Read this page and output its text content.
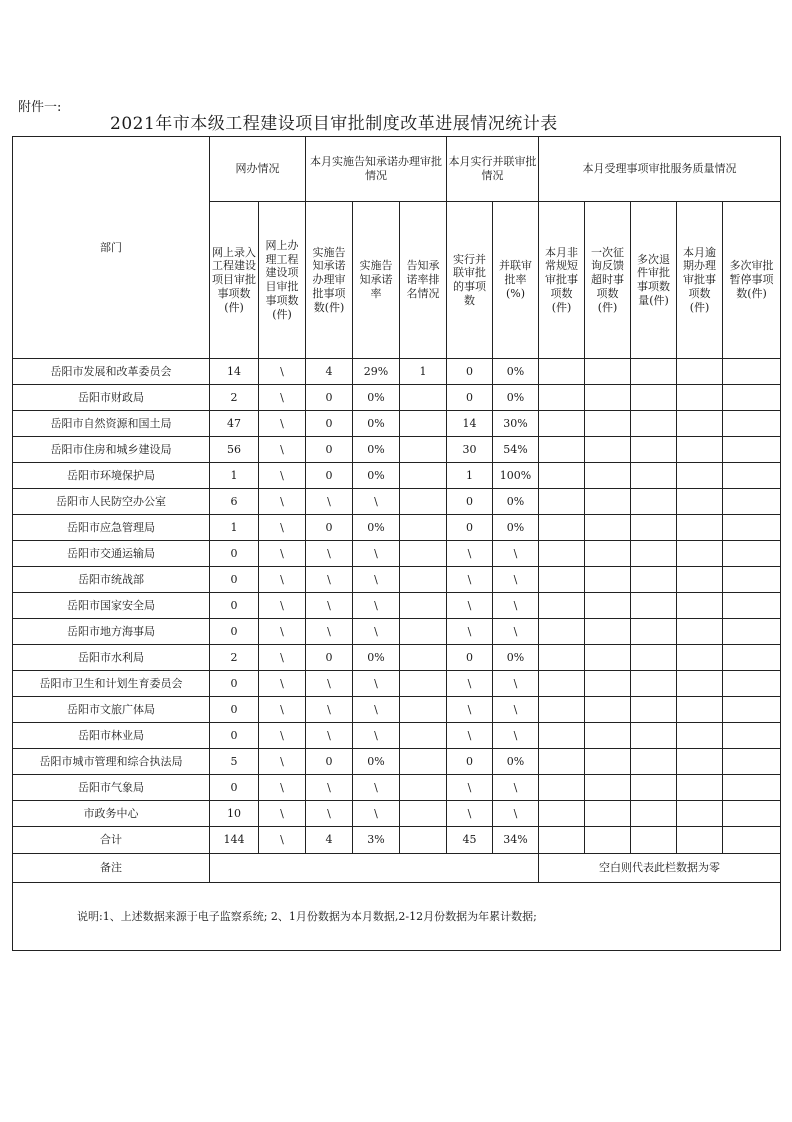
附件一:
2021年市本级工程建设项目审批制度改革进展情况统计表
部门	网办情况		本月实施告知承诺办理审批情况			本月实行并联审批情况		本月受理事项审批服务质量情况				

	网上录入工程建设项目审批事项数(件)	网上办理工程建设项目审批事项数(件)	实施告知承诺办理审批事项数(件)	实施告知承诺率	告知承诺率排名情况	实行并联审批的事项数	并联审批率(%)	本月非常规短审批事项数(件)	一次征询反馈超时事项数(件)	多次退件审批事项数量(件)	本月逾期办理审批事项数(件)	多次审批暂停事项数(件)

岳阳市发展和改革委员会	14	\	4	29%	1	0	0%					
岳阳市财政局	2	\	0	0%		0	0%					
岳阳市自然资源和国土局	47	\	0	0%		14	30%					
岳阳市住房和城乡建设局	56	\	0	0%		30	54%					
岳阳市环境保护局	1	\	0	0%		1	100%					
岳阳市人民防空办公室	6	\	\	\		0	0%					
岳阳市应急管理局	1	\	0	0%		0	0%					
岳阳市交通运输局	0	\	\	\		\	\					
岳阳市统战部	0	\	\	\		\	\					
岳阳市国家安全局	0	\	\	\		\	\					
岳阳市地方海事局	0	\	\	\		\	\					
岳阳市水利局	2	\	0	0%		0	0%					
岳阳市卫生和计划生育委员会	0	\	\	\		\	\					
岳阳市文旅广体局	0	\	\	\		\	\					
岳阳市林业局	0	\	\	\		\	\					
岳阳市城市管理和综合执法局	5	\	0	0%		0	0%					
岳阳市气象局	0	\	\	\		\	\					
市政务中心	10	\	\	\		\	\					
合计	144	\	4	3%		45	34%					
备注								空白则代表此栏数据为零				
说明:1、上述数据来源于电子监察系统; 2、1月份数据为本月数据,2-12月份数据为年累计数据;												
